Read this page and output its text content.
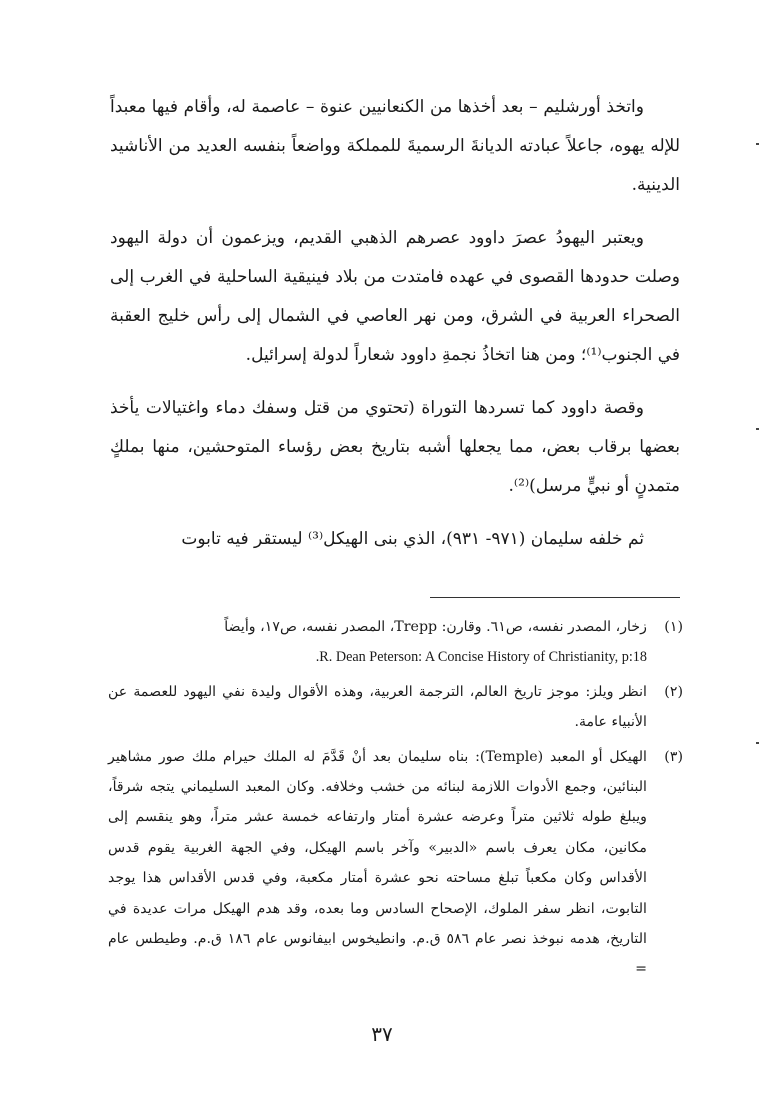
واتخذ أورشليم – بعد أخذها من الكنعانيين عنوة – عاصمة له، وأقام فيها معبداً للإله يهوه، جاعلاً عبادته الديانةَ الرسميةَ للمملكة وواضعاً بنفسه العديد من الأناشيد الدينية.

ويعتبر اليهودُ عصرَ داوود عصرهم الذهبي القديم، ويزعمون أن دولة اليهود وصلت حدودها القصوى في عهده فامتدت من بلاد فينيقية الساحلية في الغرب إلى الصحراء العربية في الشرق، ومن نهر العاصي في الشمال إلى رأس خليج العقبة في الجنوب⁽¹⁾؛ ومن هنا اتخاذُ نجمةِ داوود شعاراً لدولة إسرائيل.

وقصة داوود كما تسردها التوراة (تحتوي من قتل وسفك دماء واغتيالات يأخذ بعضها برقاب بعض، مما يجعلها أشبه بتاريخ بعض رؤساء المتوحشين، منها بملكٍ متمدنٍ أو نبيٍّ مرسل)⁽²⁾.

ثم خلفه سليمان (٩٧١- ٩٣١)، الذي بنى الهيكل⁽³⁾ ليستقر فيه تابوت

(١)
زخار، المصدر نفسه، ص٦١. وقارن: Trepp، المصدر نفسه، ص١٧، وأيضاً
.R. Dean Peterson: A Concise History of Christianity, p:18
(٢)
انظر ويلز: موجز تاريخ العالم، الترجمة العربية، وهذه الأقوال وليدة نفي اليهود للعصمة عن الأنبياء عامة.
(٣)
الهيكل أو المعبد (Temple): بناه سليمان بعد أنْ قَدَّمَ له الملك حيرام ملك صور مشاهير البنائين، وجمع الأدوات اللازمة لبنائه من خشب وخلافه. وكان المعبد السليماني يتجه شرقاً، ويبلغ طوله ثلاثين متراً وعرضه عشرة أمتار وارتفاعه خمسة عشر متراً، وهو ينقسم إلى مكانين، مكان يعرف باسم «الدبير» وآخر باسم الهيكل، وفي الجهة الغربية يقوم قدس الأقداس وكان مكعباً تبلغ مساحته نحو عشرة أمتار مكعبة، وفي قدس الأقداس هذا يوجد التابوت، انظر سفر الملوك، الإصحاح السادس وما بعده، وقد هدم الهيكل مرات عديدة في التاريخ، هدمه نبوخذ نصر عام ٥٨٦ ق.م. وانطيخوس ابيفانوس عام ١٨٦ ق.م. وطيطس عام =
٣٧
